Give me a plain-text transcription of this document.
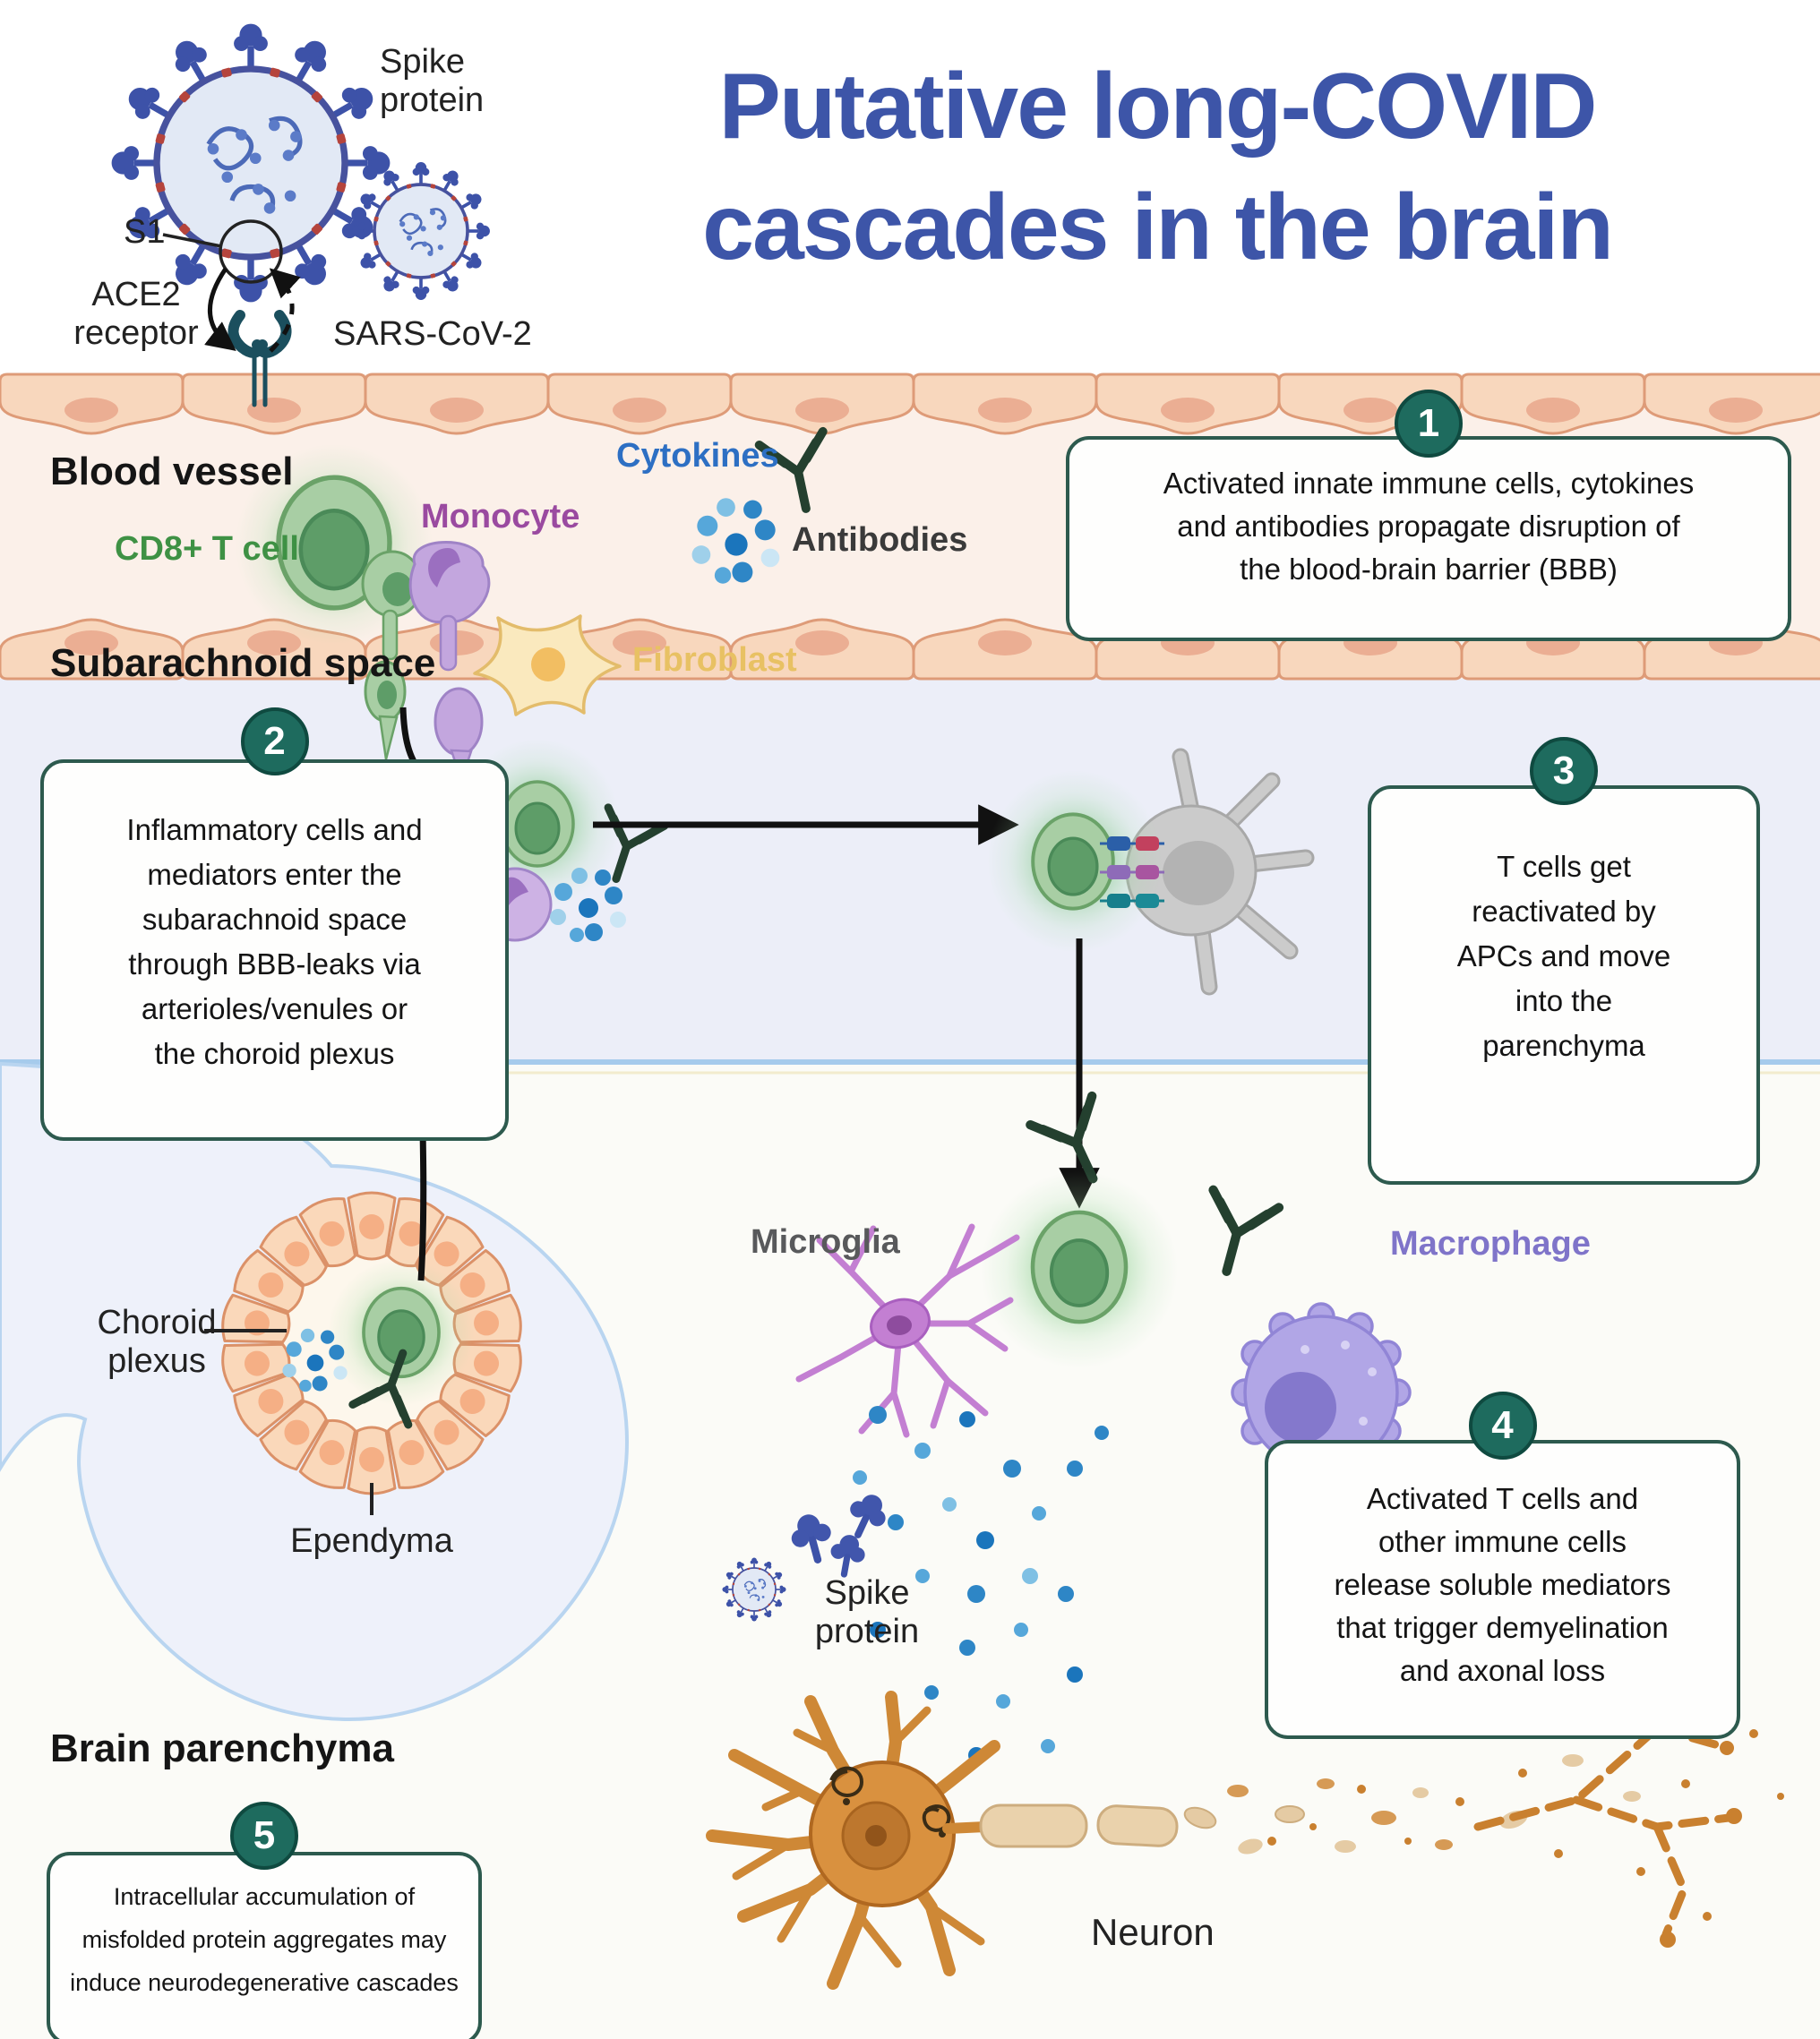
Putative long-COVID
cascades in the brain
Spike protein
S1
ACE2 receptor	SARS-CoV-2
Blood vessel
CD8+ T cell
Monocyte
Cytokines
Antibodies
Subarachnoid space	Fibroblast
Microglia	Macrophage
Choroid plexus
Ependyma
Brain parenchyma
Spike protein
Neuron
1
Activated innate immune cells, cytokines
and antibodies propagate disruption of
the blood-brain barrier (BBB)
2
Inflammatory cells and
mediators enter the
subarachnoid space
through BBB-leaks via
arterioles/venules or
the choroid plexus
3
T cells get
reactivated by
APCs and move
into the
parenchyma
4
Activated T cells and
other immune cells
release soluble mediators
that trigger demyelination
and axonal loss
5
Intracellular accumulation of
misfolded protein aggregates may
induce neurodegenerative cascades
